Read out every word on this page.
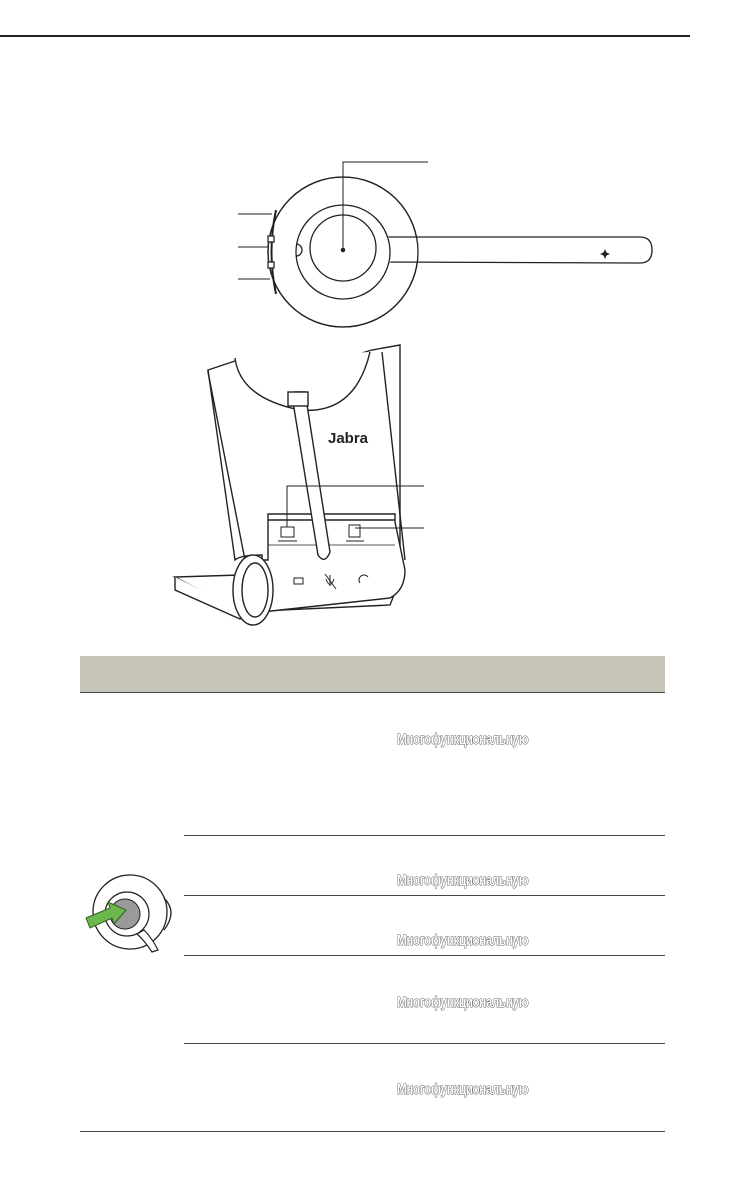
Jabra
Многофункциональную
Многофункциональную
Многофункциональную
Многофункциональную
Многофункциональную
